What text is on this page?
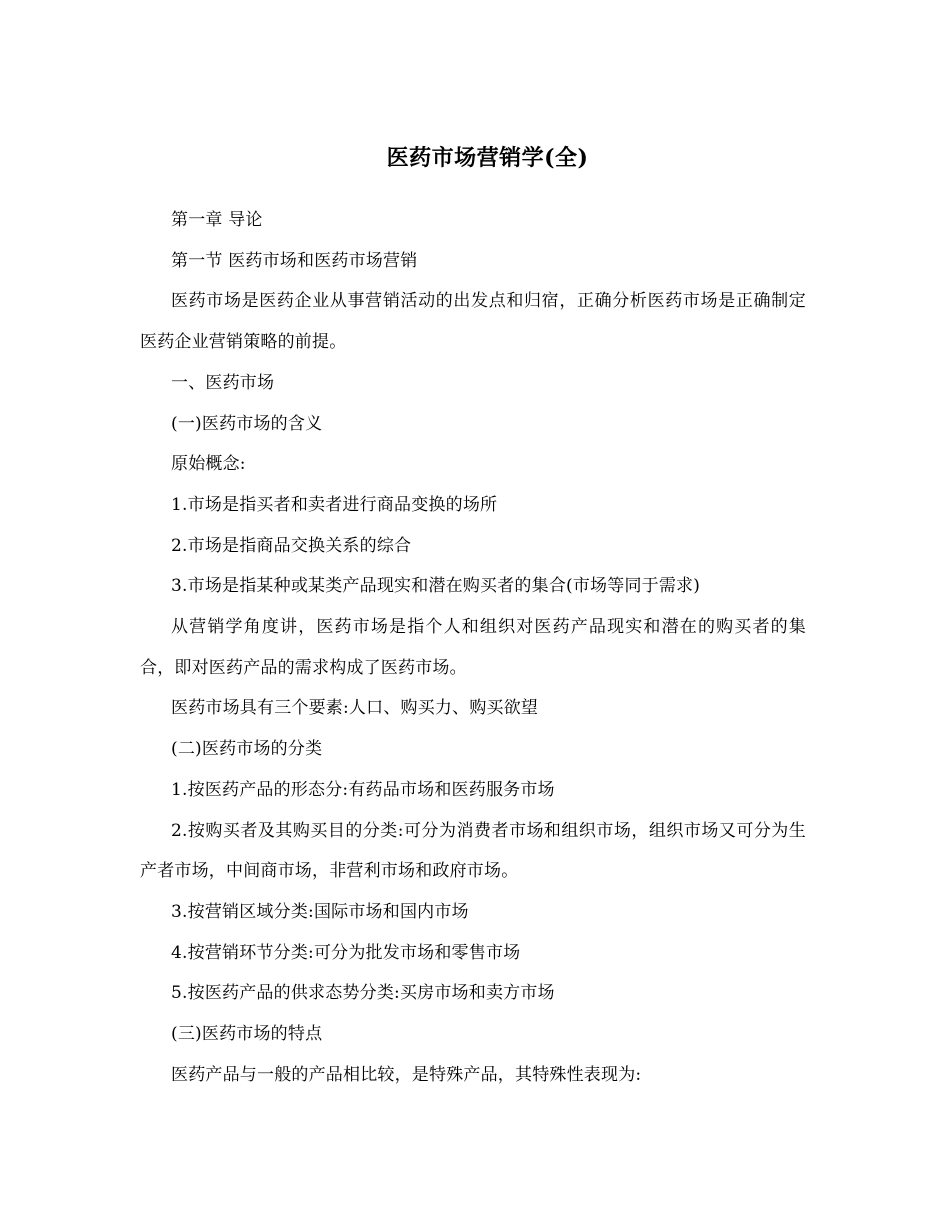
医药市场营销学(全)

第一章 导论

第一节 医药市场和医药市场营销

医药市场是医药企业从事营销活动的出发点和归宿，正确分析医药市场是正确制定医药企业营销策略的前提。

一、医药市场

(一)医药市场的含义

原始概念:

1.市场是指买者和卖者进行商品变换的场所

2.市场是指商品交换关系的综合

3.市场是指某种或某类产品现实和潜在购买者的集合(市场等同于需求)

从营销学角度讲，医药市场是指个人和组织对医药产品现实和潜在的购买者的集合，即对医药产品的需求构成了医药市场。

医药市场具有三个要素:人口、购买力、购买欲望

(二)医药市场的分类

1.按医药产品的形态分:有药品市场和医药服务市场

2.按购买者及其购买目的分类:可分为消费者市场和组织市场，组织市场又可分为生产者市场，中间商市场，非营利市场和政府市场。

3.按营销区域分类:国际市场和国内市场

4.按营销环节分类:可分为批发市场和零售市场

5.按医药产品的供求态势分类:买房市场和卖方市场

(三)医药市场的特点

医药产品与一般的产品相比较，是特殊产品，其特殊性表现为:
